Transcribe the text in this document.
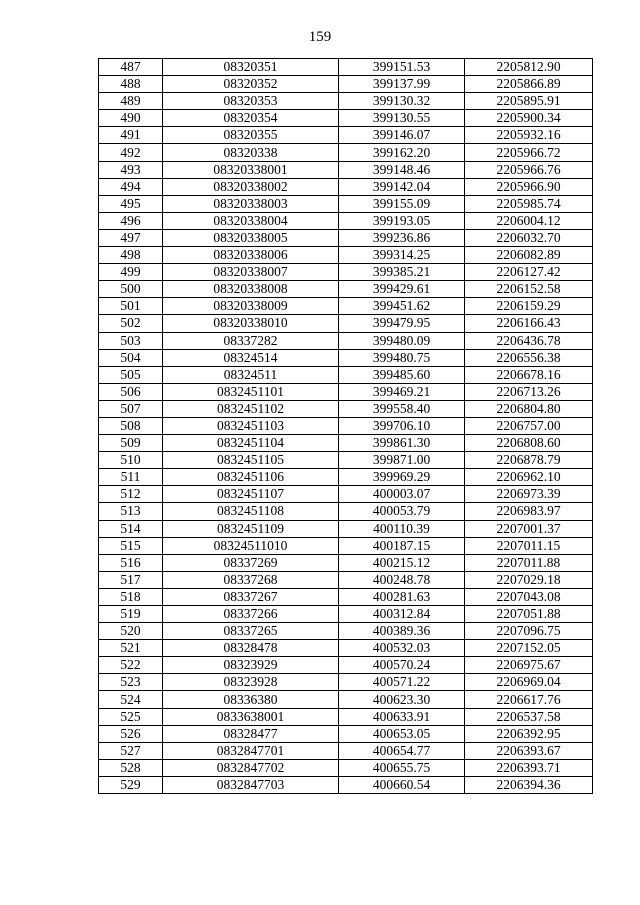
159
487	08320351	399151.53	2205812.90
488	08320352	399137.99	2205866.89
489	08320353	399130.32	2205895.91
490	08320354	399130.55	2205900.34
491	08320355	399146.07	2205932.16
492	08320338	399162.20	2205966.72
493	08320338001	399148.46	2205966.76
494	08320338002	399142.04	2205966.90
495	08320338003	399155.09	2205985.74
496	08320338004	399193.05	2206004.12
497	08320338005	399236.86	2206032.70
498	08320338006	399314.25	2206082.89
499	08320338007	399385.21	2206127.42
500	08320338008	399429.61	2206152.58
501	08320338009	399451.62	2206159.29
502	08320338010	399479.95	2206166.43
503	08337282	399480.09	2206436.78
504	08324514	399480.75	2206556.38
505	08324511	399485.60	2206678.16
506	0832451101	399469.21	2206713.26
507	0832451102	399558.40	2206804.80
508	0832451103	399706.10	2206757.00
509	0832451104	399861.30	2206808.60
510	0832451105	399871.00	2206878.79
511	0832451106	399969.29	2206962.10
512	0832451107	400003.07	2206973.39
513	0832451108	400053.79	2206983.97
514	0832451109	400110.39	2207001.37
515	08324511010	400187.15	2207011.15
516	08337269	400215.12	2207011.88
517	08337268	400248.78	2207029.18
518	08337267	400281.63	2207043.08
519	08337266	400312.84	2207051.88
520	08337265	400389.36	2207096.75
521	08328478	400532.03	2207152.05
522	08323929	400570.24	2206975.67
523	08323928	400571.22	2206969.04
524	08336380	400623.30	2206617.76
525	0833638001	400633.91	2206537.58
526	08328477	400653.05	2206392.95
527	0832847701	400654.77	2206393.67
528	0832847702	400655.75	2206393.71
529	0832847703	400660.54	2206394.36
